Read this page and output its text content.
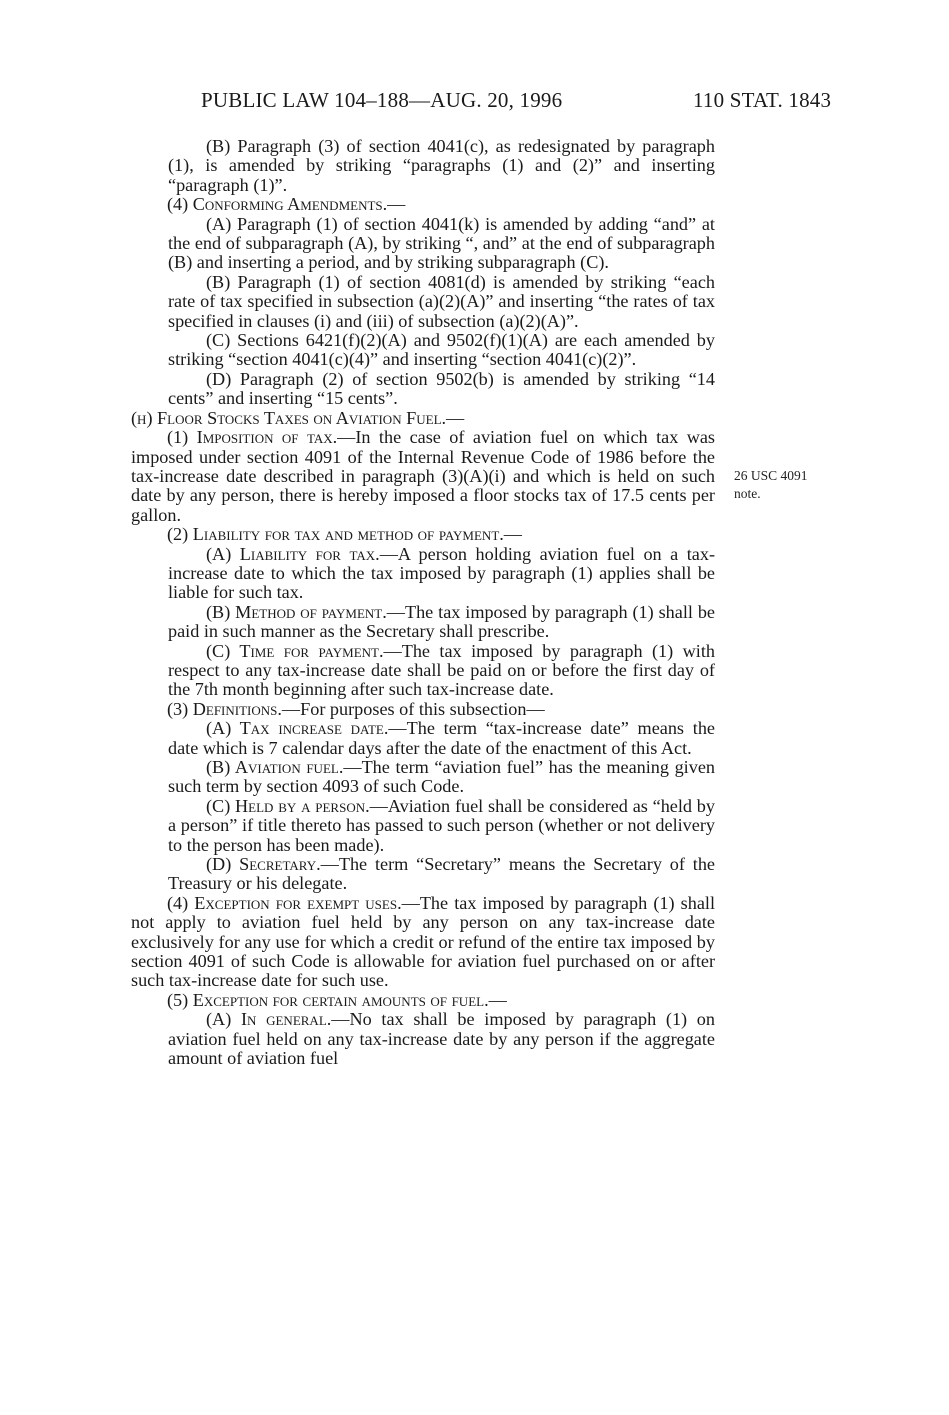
PUBLIC LAW 104–188—AUG. 20, 1996	110 STAT. 1843
26 USC 4091
note.

(B) Paragraph (3) of section 4041(c), as redesignated by paragraph (1), is amended by striking “paragraphs (1) and (2)” and inserting “paragraph (1)”.

(4) Conforming Amendments.—

(A) Paragraph (1) of section 4041(k) is amended by adding “and” at the end of subparagraph (A), by striking “, and” at the end of subparagraph (B) and inserting a period, and by striking subparagraph (C).

(B) Paragraph (1) of section 4081(d) is amended by striking “each rate of tax specified in subsection (a)(2)(A)” and inserting “the rates of tax specified in clauses (i) and (iii) of subsection (a)(2)(A)”.

(C) Sections 6421(f)(2)(A) and 9502(f)(1)(A) are each amended by striking “section 4041(c)(4)” and inserting “section 4041(c)(2)”.

(D) Paragraph (2) of section 9502(b) is amended by striking “14 cents” and inserting “15 cents”.

(h) Floor Stocks Taxes on Aviation Fuel.—

(1) Imposition of tax.—In the case of aviation fuel on which tax was imposed under section 4091 of the Internal Revenue Code of 1986 before the tax-increase date described in paragraph (3)(A)(i) and which is held on such date by any person, there is hereby imposed a floor stocks tax of 17.5 cents per gallon.

(2) Liability for tax and method of payment.—

(A) Liability for tax.—A person holding aviation fuel on a tax-increase date to which the tax imposed by paragraph (1) applies shall be liable for such tax.

(B) Method of payment.—The tax imposed by paragraph (1) shall be paid in such manner as the Secretary shall prescribe.

(C) Time for payment.—The tax imposed by paragraph (1) with respect to any tax-increase date shall be paid on or before the first day of the 7th month beginning after such tax-increase date.

(3) Definitions.—For purposes of this subsection—

(A) Tax increase date.—The term “tax-increase date” means the date which is 7 calendar days after the date of the enactment of this Act.

(B) Aviation fuel.—The term “aviation fuel” has the meaning given such term by section 4093 of such Code.

(C) Held by a person.—Aviation fuel shall be considered as “held by a person” if title thereto has passed to such person (whether or not delivery to the person has been made).

(D) Secretary.—The term “Secretary” means the Secretary of the Treasury or his delegate.

(4) Exception for exempt uses.—The tax imposed by paragraph (1) shall not apply to aviation fuel held by any person on any tax-increase date exclusively for any use for which a credit or refund of the entire tax imposed by section 4091 of such Code is allowable for aviation fuel purchased on or after such tax-increase date for such use.

(5) Exception for certain amounts of fuel.—

(A) In general.—No tax shall be imposed by paragraph (1) on aviation fuel held on any tax-increase date by any person if the aggregate amount of aviation fuel
